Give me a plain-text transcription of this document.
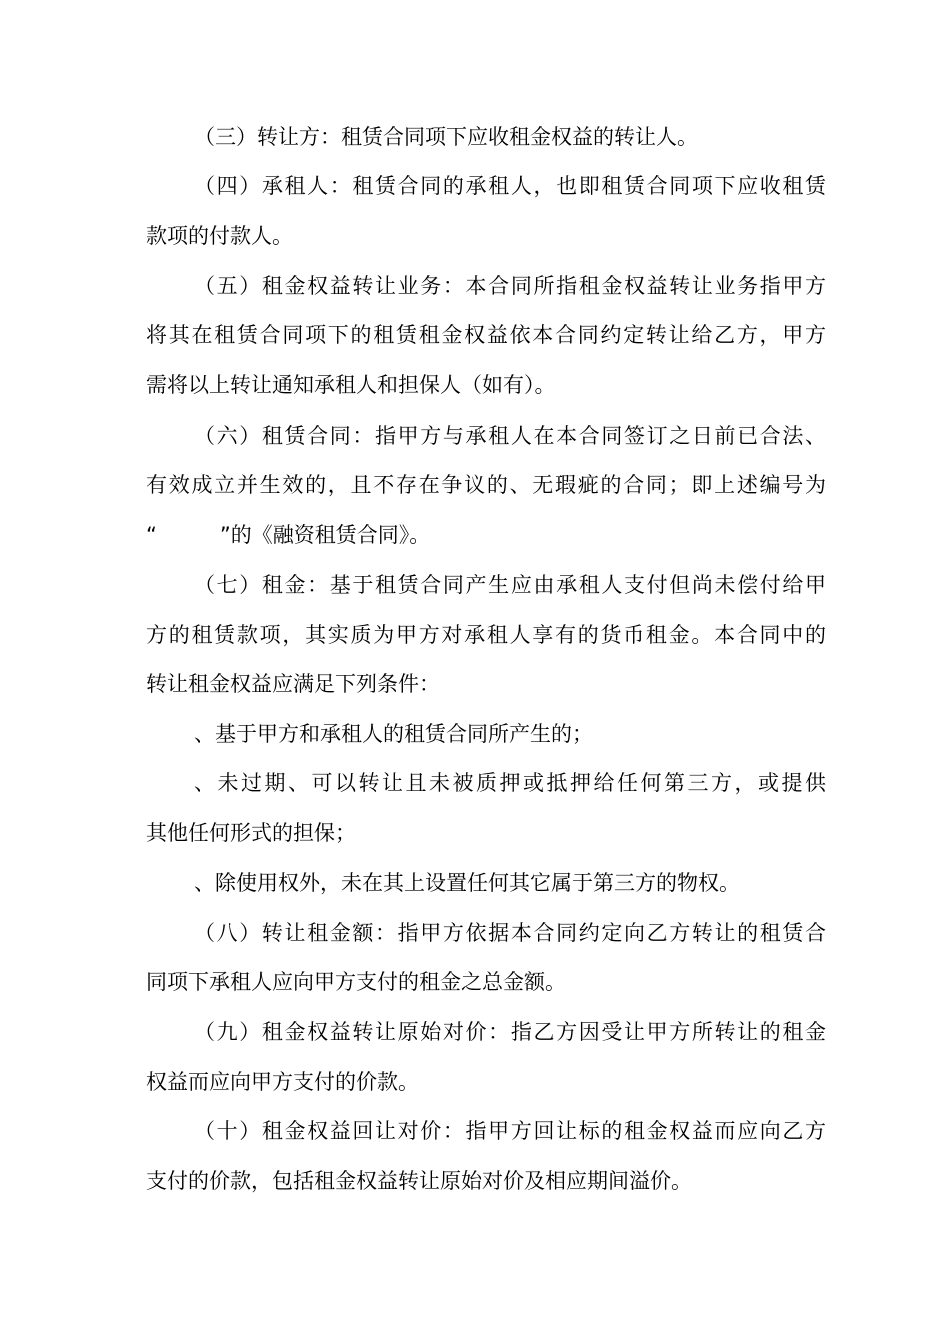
（三）转让方：租赁合同项下应收租金权益的转让人。
（四）承租人：租赁合同的承租人，也即租赁合同项下应收租赁
款项的付款人。
（五）租金权益转让业务：本合同所指租金权益转让业务指甲方
将其在租赁合同项下的租赁租金权益依本合同约定转让给乙方，甲方
需将以上转让通知承租人和担保人（如有）。
（六）租赁合同：指甲方与承租人在本合同签订之日前已合法、
有效成立并生效的，且不存在争议的、无瑕疵的合同；即上述编号为
“　　　”的《融资租赁合同》。
（七）租金：基于租赁合同产生应由承租人支付但尚未偿付给甲
方的租赁款项，其实质为甲方对承租人享有的货币租金。本合同中的
转让租金权益应满足下列条件：
、基于甲方和承租人的租赁合同所产生的；
、未过期、可以转让且未被质押或抵押给任何第三方，或提供
其他任何形式的担保；
、除使用权外，未在其上设置任何其它属于第三方的物权。
（八）转让租金额：指甲方依据本合同约定向乙方转让的租赁合
同项下承租人应向甲方支付的租金之总金额。
（九）租金权益转让原始对价：指乙方因受让甲方所转让的租金
权益而应向甲方支付的价款。
（十）租金权益回让对价：指甲方回让标的租金权益而应向乙方
支付的价款，包括租金权益转让原始对价及相应期间溢价。
